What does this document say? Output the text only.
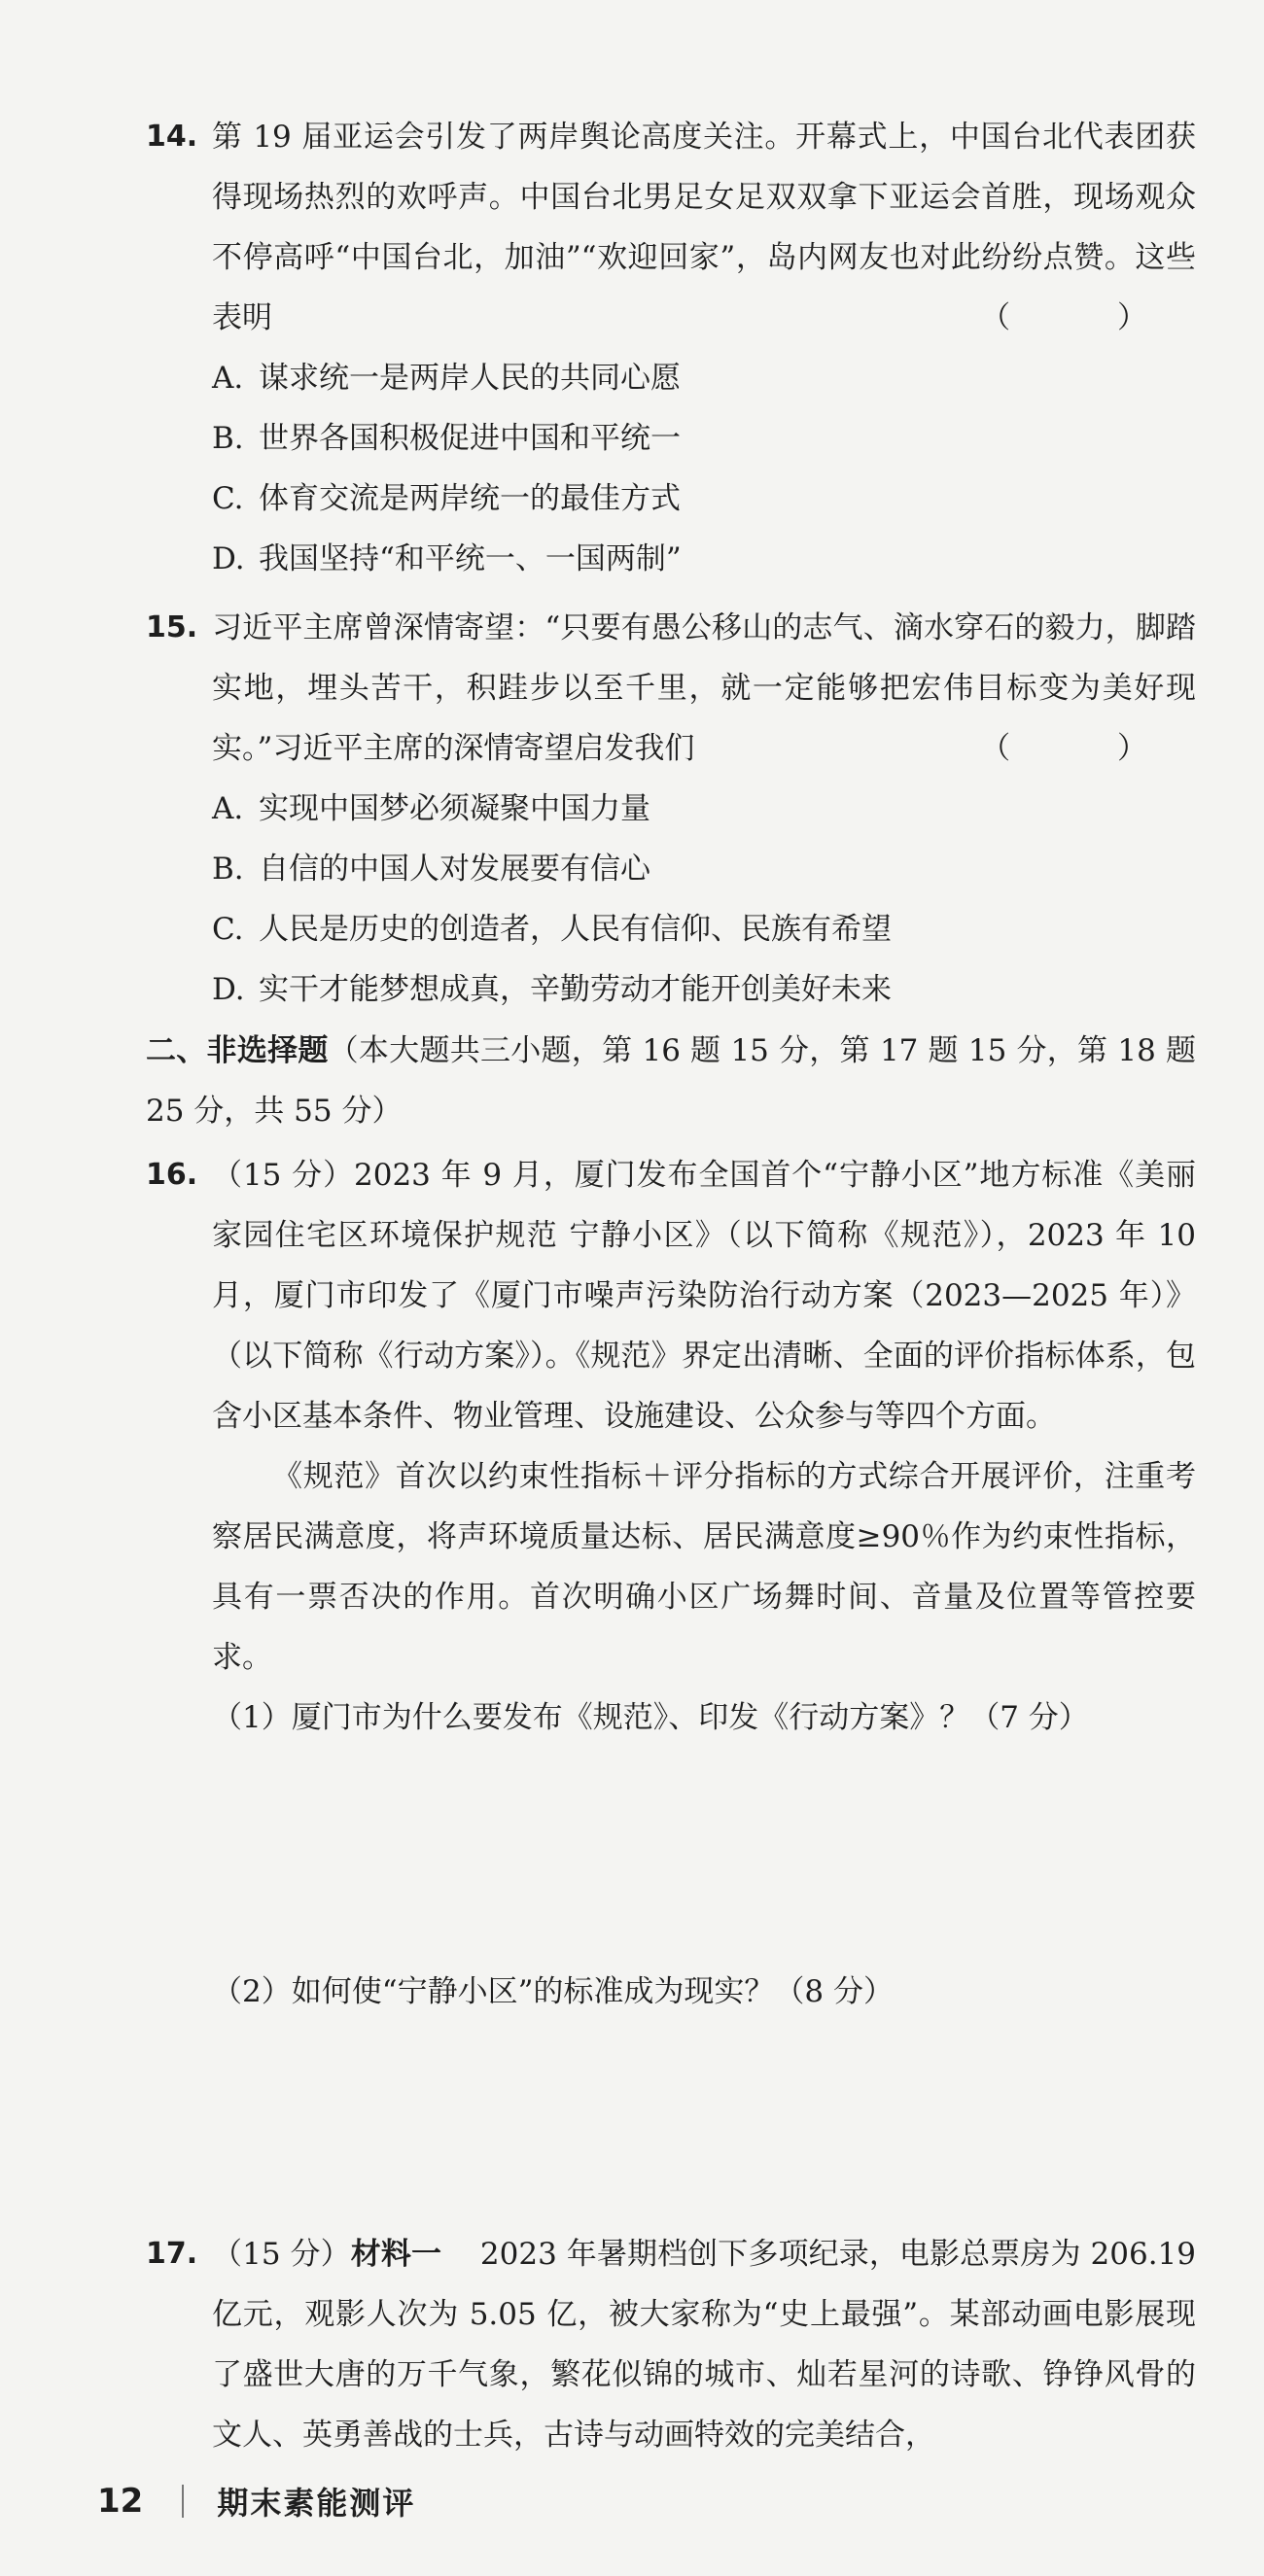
14. 第 19 届亚运会引发了两岸舆论高度关注。开幕式上，中国台北代表团获得现场热烈的欢呼声。中国台北男足女足双双拿下亚运会首胜，现场观众不停高呼“中国台北，加油”“欢迎回家”，岛内网友也对此纷纷点赞。这些表明	（ ）
A. 谋求统一是两岸人民的共同心愿
B. 世界各国积极促进中国和平统一
C. 体育交流是两岸统一的最佳方式
D. 我国坚持“和平统一、一国两制”
15. 习近平主席曾深情寄望：“只要有愚公移山的志气、滴水穿石的毅力，脚踏实地，埋头苦干，积跬步以至千里，就一定能够把宏伟目标变为美好现实。”习近平主席的深情寄望启发我们	（ ）
A. 实现中国梦必须凝聚中国力量
B. 自信的中国人对发展要有信心
C. 人民是历史的创造者，人民有信仰、民族有希望
D. 实干才能梦想成真，辛勤劳动才能开创美好未来

二、非选择题（本大题共三小题，第 16 题 15 分，第 17 题 15 分，第 18 题 25 分，共 55 分）

16. （15 分）2023 年 9 月，厦门发布全国首个“宁静小区”地方标准《美丽家园住宅区环境保护规范 宁静小区》（以下简称《规范》），2023 年 10 月，厦门市印发了《厦门市噪声污染防治行动方案（2023—2025 年）》（以下简称《行动方案》）。《规范》界定出清晰、全面的评价指标体系，包含小区基本条件、物业管理、设施建设、公众参与等四个方面。

《规范》首次以约束性指标＋评分指标的方式综合开展评价，注重考察居民满意度，将声环境质量达标、居民满意度≥90％作为约束性指标，具有一票否决的作用。首次明确小区广场舞时间、音量及位置等管控要求。

（1）厦门市为什么要发布《规范》、印发《行动方案》？（7 分）
（2）如何使“宁静小区”的标准成为现实？（8 分）
17. （15 分）材料一 2023 年暑期档创下多项纪录，电影总票房为 206.19 亿元，观影人次为 5.05 亿，被大家称为“史上最强”。某部动画电影展现了盛世大唐的万千气象，繁花似锦的城市、灿若星河的诗歌、铮铮风骨的文人、英勇善战的士兵，古诗与动画特效的完美结合，

12 期末素能测评
